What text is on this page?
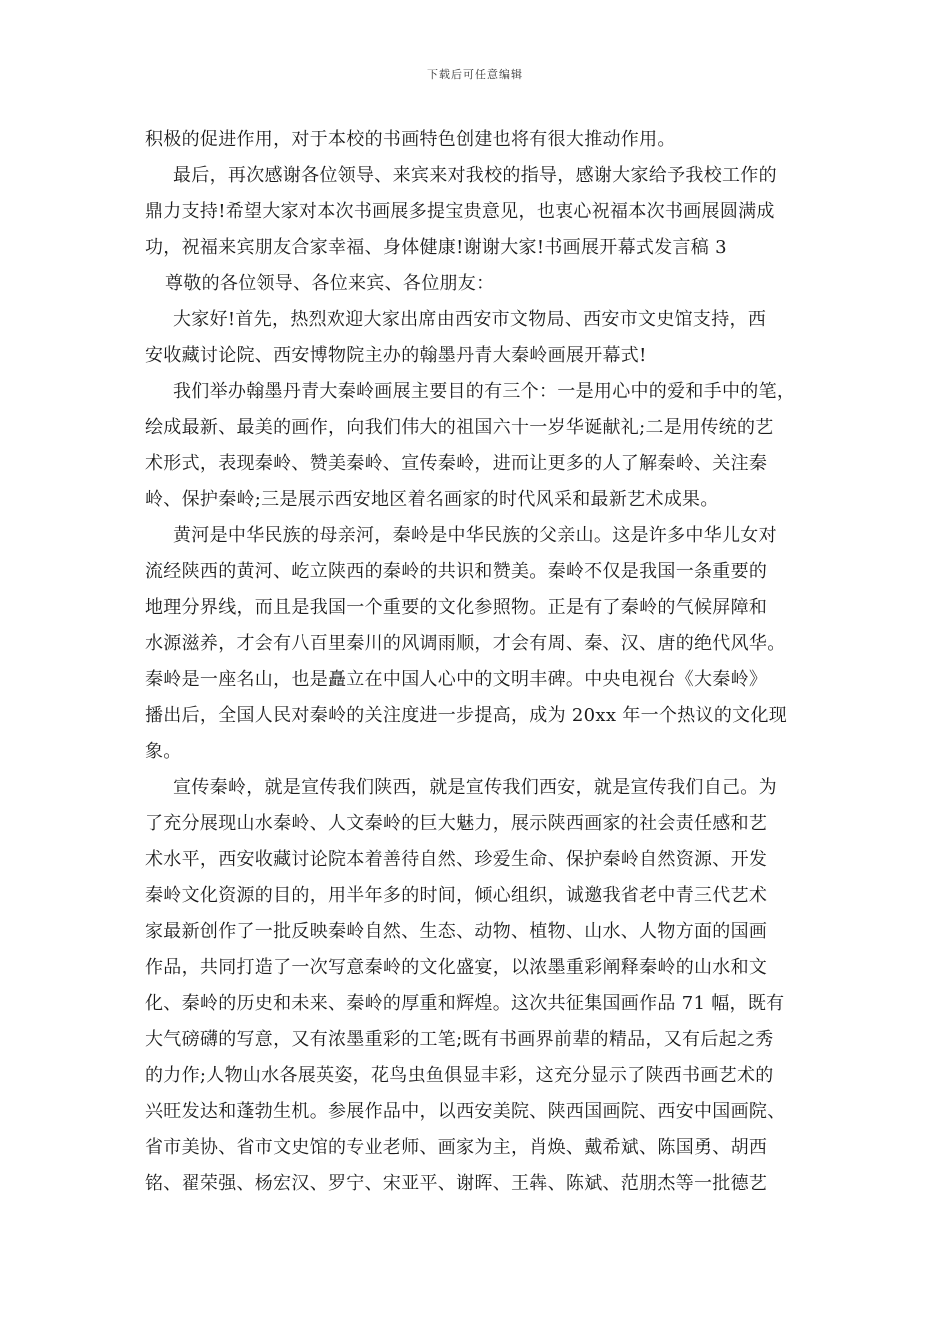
下载后可任意编辑
积极的促进作用，对于本校的书画特色创建也将有很大推动作用。
最后，再次感谢各位领导、来宾来对我校的指导，感谢大家给予我校工作的
鼎力支持!希望大家对本次书画展多提宝贵意见，也衷心祝福本次书画展圆满成
功，祝福来宾朋友合家幸福、身体健康!谢谢大家!书画展开幕式发言稿 3
尊敬的各位领导、各位来宾、各位朋友：
大家好!首先，热烈欢迎大家出席由西安市文物局、西安市文史馆支持，西
安收藏讨论院、西安博物院主办的翰墨丹青大秦岭画展开幕式!
我们举办翰墨丹青大秦岭画展主要目的有三个：一是用心中的爱和手中的笔，
绘成最新、最美的画作，向我们伟大的祖国六十一岁华诞献礼;二是用传统的艺
术形式，表现秦岭、赞美秦岭、宣传秦岭，进而让更多的人了解秦岭、关注秦
岭、保护秦岭;三是展示西安地区着名画家的时代风采和最新艺术成果。
黄河是中华民族的母亲河，秦岭是中华民族的父亲山。这是许多中华儿女对
流经陕西的黄河、屹立陕西的秦岭的共识和赞美。秦岭不仅是我国一条重要的
地理分界线，而且是我国一个重要的文化参照物。正是有了秦岭的气候屏障和
水源滋养，才会有八百里秦川的风调雨顺，才会有周、秦、汉、唐的绝代风华。
秦岭是一座名山，也是矗立在中国人心中的文明丰碑。中央电视台《大秦岭》
播出后，全国人民对秦岭的关注度进一步提高，成为 20xx 年一个热议的文化现
象。
宣传秦岭，就是宣传我们陕西，就是宣传我们西安，就是宣传我们自己。为
了充分展现山水秦岭、人文秦岭的巨大魅力，展示陕西画家的社会责任感和艺
术水平，西安收藏讨论院本着善待自然、珍爱生命、保护秦岭自然资源、开发
秦岭文化资源的目的，用半年多的时间，倾心组织，诚邀我省老中青三代艺术
家最新创作了一批反映秦岭自然、生态、动物、植物、山水、人物方面的国画
作品，共同打造了一次写意秦岭的文化盛宴，以浓墨重彩阐释秦岭的山水和文
化、秦岭的历史和未来、秦岭的厚重和辉煌。这次共征集国画作品 71 幅，既有
大气磅礴的写意，又有浓墨重彩的工笔;既有书画界前辈的精品，又有后起之秀
的力作;人物山水各展英姿，花鸟虫鱼俱显丰彩，这充分显示了陕西书画艺术的
兴旺发达和蓬勃生机。参展作品中，以西安美院、陕西国画院、西安中国画院、
省市美协、省市文史馆的专业老师、画家为主，肖焕、戴希斌、陈国勇、胡西
铭、翟荣强、杨宏汉、罗宁、宋亚平、谢晖、王犇、陈斌、范朋杰等一批德艺
